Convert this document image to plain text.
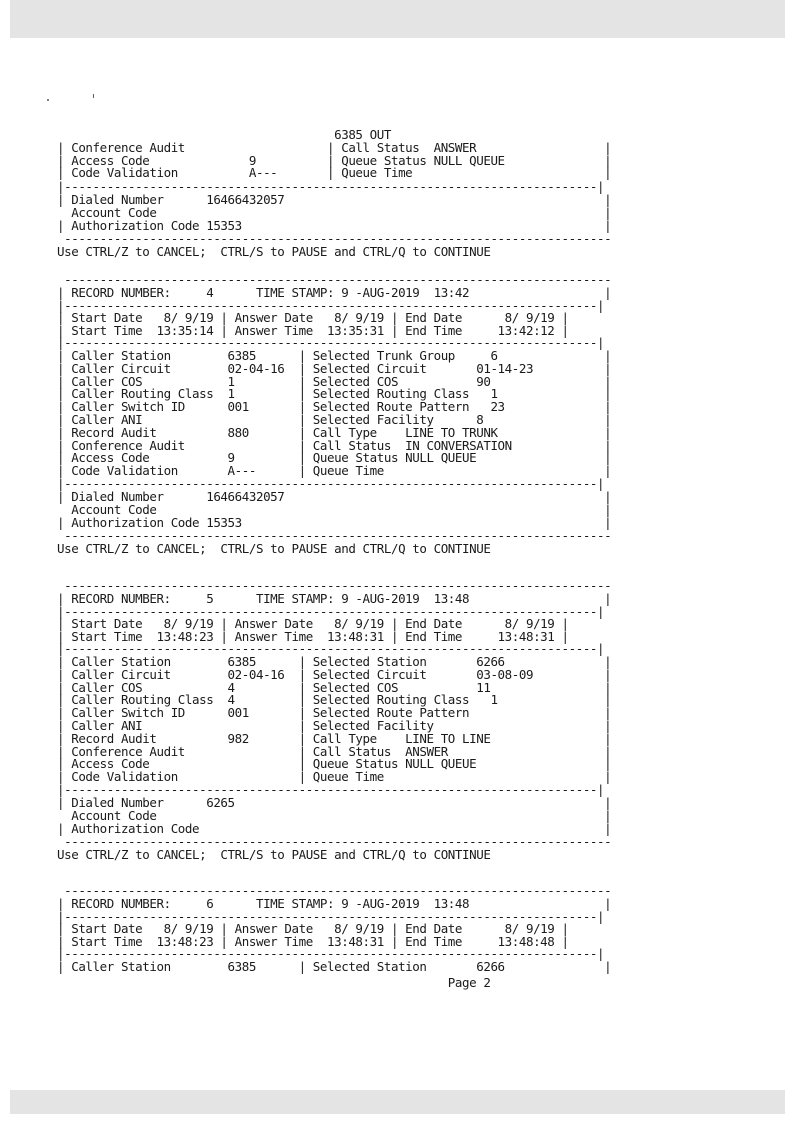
6385 OUT
| Conference Audit                    | Call Status  ANSWER                  |
| Access Code              9          | Queue Status NULL QUEUE              |
| Code Validation          A---       | Queue Time                           |
|---------------------------------------------------------------------------|
| Dialed Number      16466432057                                             |
Account Code                                                               |
| Authorization Code 15353                                                   |
-----------------------------------------------------------------------------
Use CTRL/Z to CANCEL;  CTRL/S to PAUSE and CTRL/Q to CONTINUE
-----------------------------------------------------------------------------
| RECORD NUMBER:     4      TIME STAMP: 9 -AUG-2019  13:42                   |
|---------------------------------------------------------------------------|
| Start Date   8/ 9/19 | Answer Date   8/ 9/19 | End Date      8/ 9/19 |
| Start Time  13:35:14 | Answer Time  13:35:31 | End Time     13:42:12 |
|---------------------------------------------------------------------------|
| Caller Station        6385      | Selected Trunk Group     6               |
| Caller Circuit        02-04-16  | Selected Circuit       01-14-23          |
| Caller COS            1         | Selected COS           90                |
| Caller Routing Class  1         | Selected Routing Class   1               |
| Caller Switch ID      001       | Selected Route Pattern   23              |
| Caller ANI                      | Selected Facility      8                 |
| Record Audit          880       | Call Type    LINE TO TRUNK               |
| Conference Audit                | Call Status  IN CONVERSATION             |
| Access Code           9         | Queue Status NULL QUEUE                  |
| Code Validation       A---      | Queue Time                               |
|---------------------------------------------------------------------------|
| Dialed Number      16466432057                                             |
Account Code                                                               |
| Authorization Code 15353                                                   |
-----------------------------------------------------------------------------
Use CTRL/Z to CANCEL;  CTRL/S to PAUSE and CTRL/Q to CONTINUE
-----------------------------------------------------------------------------
| RECORD NUMBER:     5      TIME STAMP: 9 -AUG-2019  13:48                   |
|---------------------------------------------------------------------------|
| Start Date   8/ 9/19 | Answer Date   8/ 9/19 | End Date      8/ 9/19 |
| Start Time  13:48:23 | Answer Time  13:48:31 | End Time     13:48:31 |
|---------------------------------------------------------------------------|
| Caller Station        6385      | Selected Station       6266              |
| Caller Circuit        02-04-16  | Selected Circuit       03-08-09          |
| Caller COS            4         | Selected COS           11                |
| Caller Routing Class  4         | Selected Routing Class   1               |
| Caller Switch ID      001       | Selected Route Pattern                   |
| Caller ANI                      | Selected Facility                        |
| Record Audit          982       | Call Type    LINE TO LINE                |
| Conference Audit                | Call Status  ANSWER                      |
| Access Code                     | Queue Status NULL QUEUE                  |
| Code Validation                 | Queue Time                               |
|---------------------------------------------------------------------------|
| Dialed Number      6265                                                    |
Account Code                                                               |
| Authorization Code                                                         |
-----------------------------------------------------------------------------
Use CTRL/Z to CANCEL;  CTRL/S to PAUSE and CTRL/Q to CONTINUE
-----------------------------------------------------------------------------
| RECORD NUMBER:     6      TIME STAMP: 9 -AUG-2019  13:48                   |
|---------------------------------------------------------------------------|
| Start Date   8/ 9/19 | Answer Date   8/ 9/19 | End Date      8/ 9/19 |
| Start Time  13:48:23 | Answer Time  13:48:31 | End Time     13:48:48 |
|---------------------------------------------------------------------------|
| Caller Station        6385      | Selected Station       6266              |
Page 2
